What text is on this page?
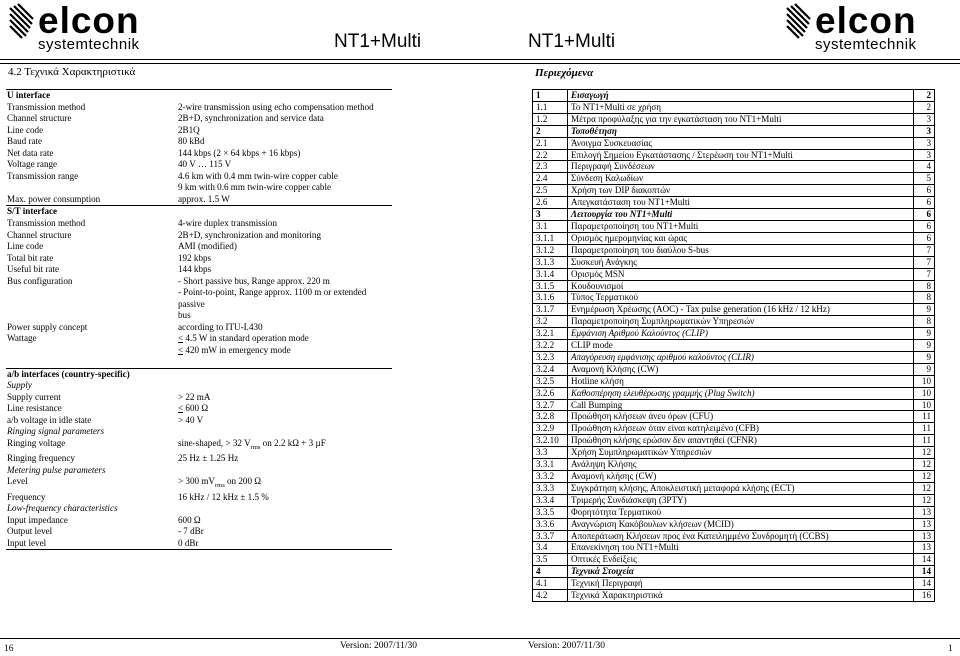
elcon
systemtechnik	NT1+Multi
4.2 Τεχνικά Χαρακτηριστικά
U interface	
Transmission method	2-wire transmission using echo compensation method
Channel structure	2B+D, synchronization and service data
Line code	2B1Q
Baud rate	80 kBd
Net data rate	144 kbps (2 × 64 kbps + 16 kbps)
Voltage range	40 V … 115 V
Transmission range	4.6 km with 0.4 mm twin-wire copper cable
	9 km with 0.6 mm twin-wire copper cable
Max. power consumption	approx. 1.5 W
S/T interface	
Transmission method	4-wire duplex transmission
Channel structure	2B+D, synchronization and monitoring
Line code	AMI (modified)
Total bit rate	192 kbps
Useful bit rate	144 kbps
Bus configuration	- Short passive bus, Range approx. 220 m
	- Point-to-point, Range approx. 1100 m or extended passive
	bus
Power supply concept	according to ITU-I.430
Wattage	< 4.5 W in standard operation mode
	< 420 mW in emergency mode

a/b interfaces (country-specific)	
Supply	
Supply current	> 22 mA
Line resistance	< 600 Ω
a/b voltage in idle state	> 40 V
Ringing signal parameters	
Ringing voltage	sine-shaped, > 32 $V_{rms}$ on 2.2 kΩ + 3 µF
Ringing frequency	25 Hz ± 1.25 Hz
Metering pulse parameters	
Level	> 300 $mV_{rms}$ on 200 Ω
Frequency	16 kHz / 12 kHz ± 1.5 %
Low-frequency characteristics	
Input impedance	600 Ω
Output level	- 7 dBr
Input level	0 dBr
16	Version: 2007/11/30
NT1+Multi
elcon
systemtechnik
Περιεχόμενα
1	Εισαγωγή	2
1.1	Το NT1+Multi σε χρήση	2
1.2	Μέτρα προφύλαξης για την εγκατάσταση του NT1+Multi	3
2	Τοποθέτηση	3
2.1	Άνοιγμα Συσκευασίας	3
2.2	Επιλογή Σημείου Εγκατάστασης / Στερέωση του NT1+Multi	3
2.3	Περιγραφή Συνδέσεων	4
2.4	Σύνδεση Καλωδίων	5
2.5	Χρήση των DIP διακοπτών	6
2.6	Απεγκατάσταση του NT1+Multi	6
3	Λειτουργία του NT1+Multi	6
3.1	Παραμετροποίηση του NT1+Multi	6
3.1.1	Ορισμός ημερομηνίας και ώρας	6
3.1.2	Παραμετροποίηση του διαύλου S-bus	7
3.1.3	Συσκευή Ανάγκης	7
3.1.4	Ορισμός MSN	7
3.1.5	Κουδουνισμοί	8
3.1.6	Τύπος Τερματικού	8
3.1.7	Ενημέρωση Χρέωσης (AOC) - Tax pulse generation (16 kHz / 12 kHz)	9
3.2	Παραμετροποίηση Συμπληρωματικών Υπηρεσιών	8
3.2.1	Εμφάνιση Αριθμού Καλούντος (CLIP)	9
3.2.2	CLIP mode	9
3.2.3	Απαγόρευση εμφάνισης αριθμού καλούντος (CLIR)	9
3.2.4	Αναμονή Κλήσης (CW)	9
3.2.5	Hotline κλήση	10
3.2.6	Καθοσπέρηση ελευθέρωσης γραμμής (Plug Switch)	10
3.2.7	Call Bumping	10
3.2.8	Προώθηση κλήσεων άνευ όρων (CFU)	11
3.2.9	Προώθηση κλήσεων όταν είναι κατηλειμένο (CFB)	11
3.2.10	Προώθηση κλήσης ερώσον δεν απαντηθεί (CFNR)	11
3.3	Χρήση Συμπληρωματικών Υπηρεσιών	12
3.3.1	Ανάληψη Κλήσης	12
3.3.2	Αναμονή κλήσης (CW)	12
3.3.3	Συγκράτηση κλήσης, Αποκλειστική μεταφορά κλήσης (ECT)	12
3.3.4	Τριμερής Συνδιάσκεψη (3PTY)	12
3.3.5	Φορητότητα Τερματικού	13
3.3.6	Αναγνώριση Κακόβουλων κλήσεων (MCID)	13
3.3.7	Αποπεράτωση Κλήσεων προς ένα Κατειλημμένο Συνδρομητή (CCBS)	13
3.4	Επανεκίνηση του NT1+Multi	13
3.5	Οπτικές Ενδείξεις	14
4	Τεχνικά Στοιχεία	14
4.1	Τεχνική Περιγραφή	14
4.2	Τεχνικά Χαρακτηριστικά	16
Version: 2007/11/30	1
